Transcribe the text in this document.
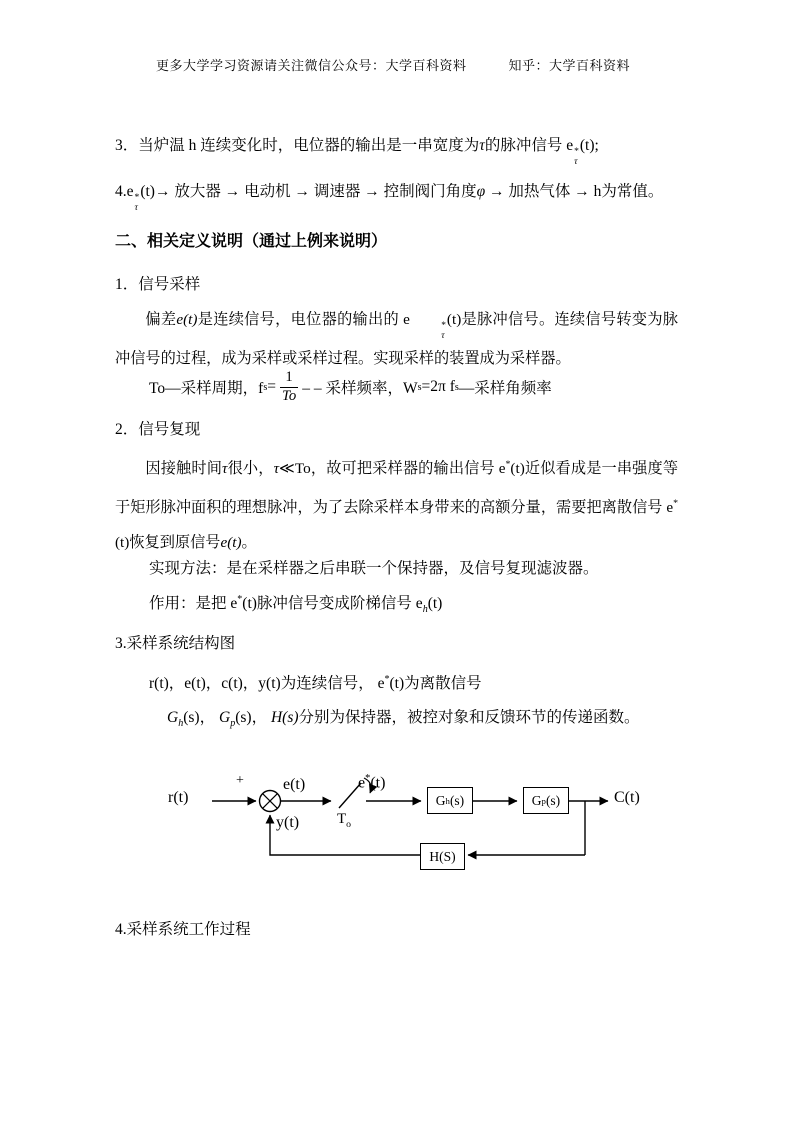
更多大学学习资源请关注微信公众号：大学百科资料	知乎：大学百科资料
3．当炉温 h 连续变化时，电位器的输出是一串宽度为τ的脉冲信号 e *
τ
(t);
4.e *
τ
(t)→ 放大器 → 电动机 → 调速器 → 控制阀门角度φ → 加热气体 → h为常值。
二、相关定义说明（通过上例来说明）
1．信号采样
偏差e(t)是连续信号，电位器的输出的 e	*
τ
(t)是脉冲信号。连续信号转变为脉冲信号的过程，成为采样或采样过程。实现采样的装置成为采样器。
To—采样周期，f $s = \frac{1}{To}$ – – 采样频率，W s =2π f s —采样角频率
2．信号复现
因接触时间τ很小，τ≪To，故可把采样器的输出信号 e*(t)近似看成是一串强度等于矩形脉冲面积的理想脉冲，为了去除采样本身带来的高额分量，需要把离散信号 e*(t)恢复到原信号e(t)。
实现方法：是在采样器之后串联一个保持器，及信号复现滤波器。
作用：是把 e*(t)脉冲信号变成阶梯信号 $e_h(t)$
3.采样系统结构图
r(t)，e(t)，c(t)，y(t)为连续信号， e*(t)为离散信号
$G_h(s)$， $G_p(s)$， H(s)分别为保持器，被控对象和反馈环节的传递函数。
r(t)
+ e(t)	e*(t)
$T_o$
G h (s)	G p (s)
H(S)
C(t)
y(t)
4.采样系统工作过程
